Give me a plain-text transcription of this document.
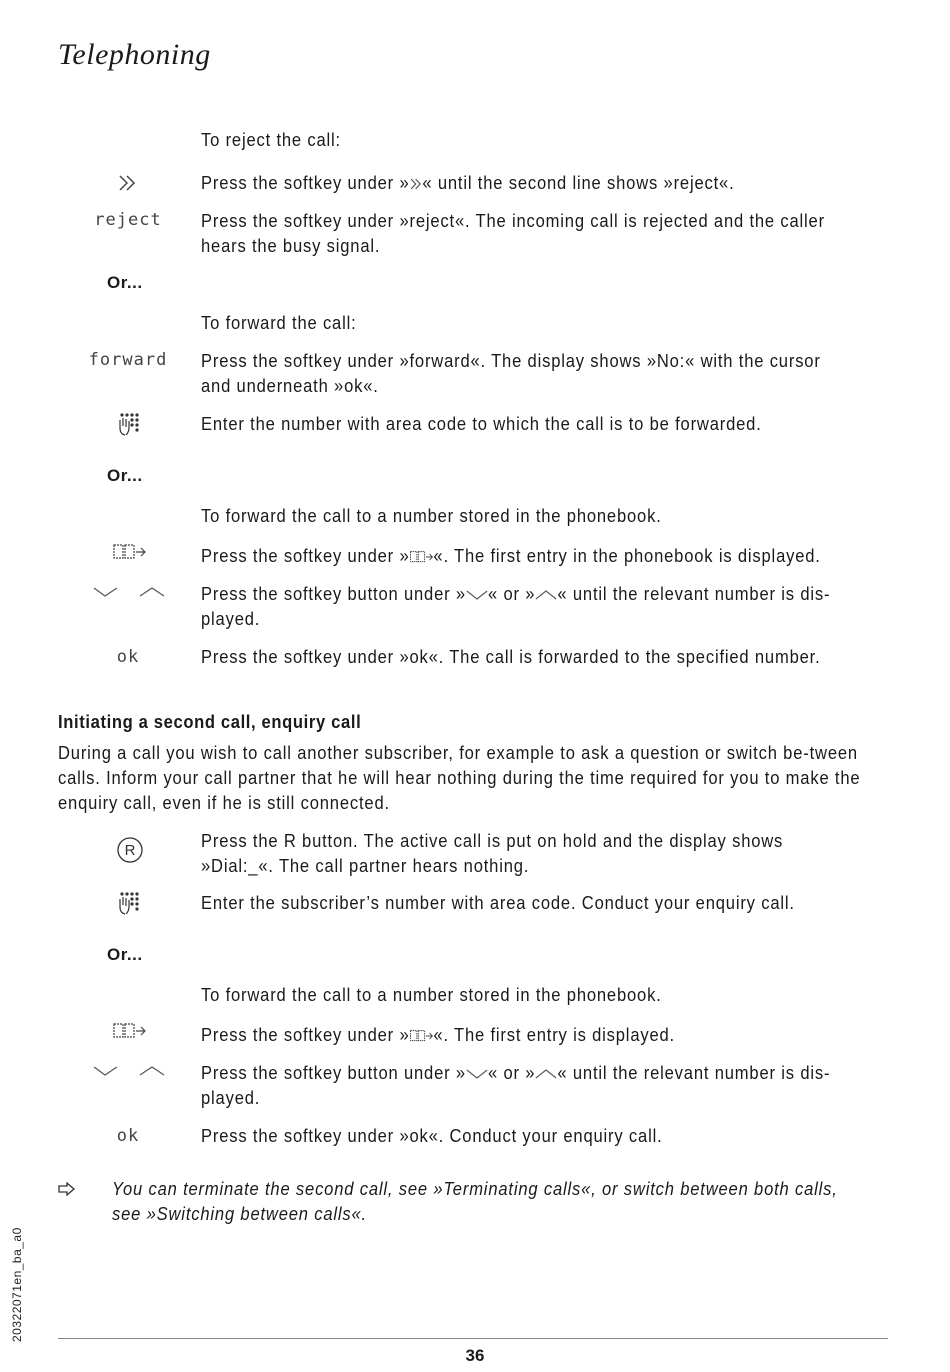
Telephoning
To reject the call:
Press the softkey under » « until the second line shows »reject«.
reject	Press the softkey under »reject«. The incoming call is rejected and the caller hears the busy signal.
Or...
To forward the call:
forward	Press the softkey under »forward«. The display shows »No:« with the cursor and underneath »ok«.
Enter the number with area code to which the call is to be forwarded.
Or...
To forward the call to a number stored in the phonebook.
Press the softkey under » «. The first entry in the phonebook is displayed.
Press the softkey button under » « or » « until the relevant number is dis-played.
ok	Press the softkey under »ok«. The call is forwarded to the specified number.
Initiating a second call, enquiry call
During a call you wish to call another subscriber, for example to ask a question or switch be-tween calls. Inform your call partner that he will hear nothing during the time required for you to make the enquiry call, even if he is still connected.
R	Press the R button. The active call is put on hold and the display shows »Dial:_«. The call partner hears nothing.
Enter the subscriber’s number with area code. Conduct your enquiry call.
Or...
To forward the call to a number stored in the phonebook.
Press the softkey under » «. The first entry is displayed.
Press the softkey button under » « or » « until the relevant number is dis-played.
ok	Press the softkey under »ok«. Conduct your enquiry call.
You can terminate the second call, see »Terminating calls«, or switch between both calls, see »Switching between calls«.
20322071en_ba_a0
36
